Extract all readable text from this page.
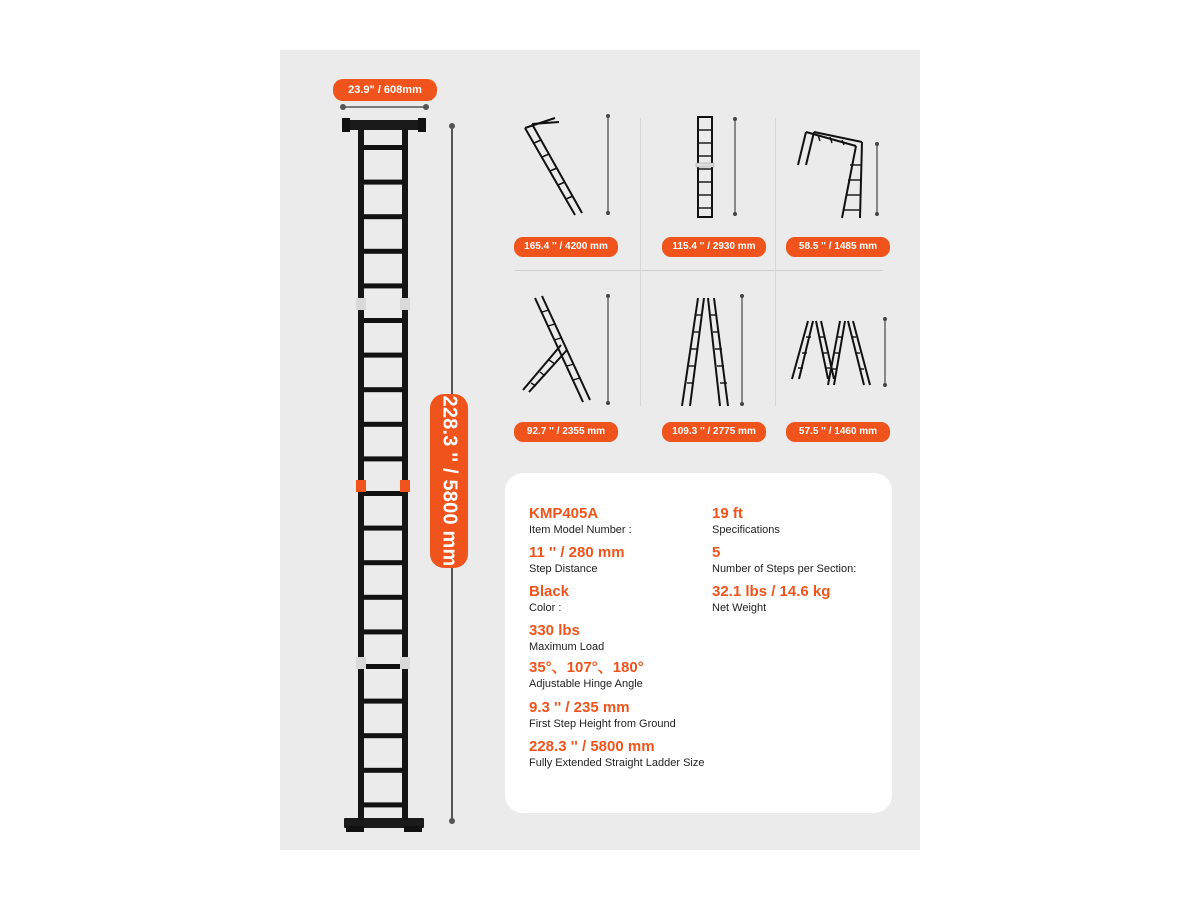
23.9" / 608mm
228.3 '' / 5800 mm
165.4 '' / 4200 mm	115.4 '' / 2930 mm	58.5 '' / 1485 mm
92.7 '' / 2355 mm	109.3 '' / 2775 mm	57.5 '' / 1460 mm
KMP405A
Item Model Number :
11 '' / 280 mm
Step Distance
Black
Color :
330 lbs
Maximum Load
35°、107°、180°
Adjustable Hinge Angle
9.3 '' / 235 mm
First Step Height from Ground
228.3 '' / 5800 mm
Fully Extended Straight Ladder Size
19 ft
Specifications
5
Number of Steps per Section:
32.1 lbs / 14.6 kg
Net Weight
